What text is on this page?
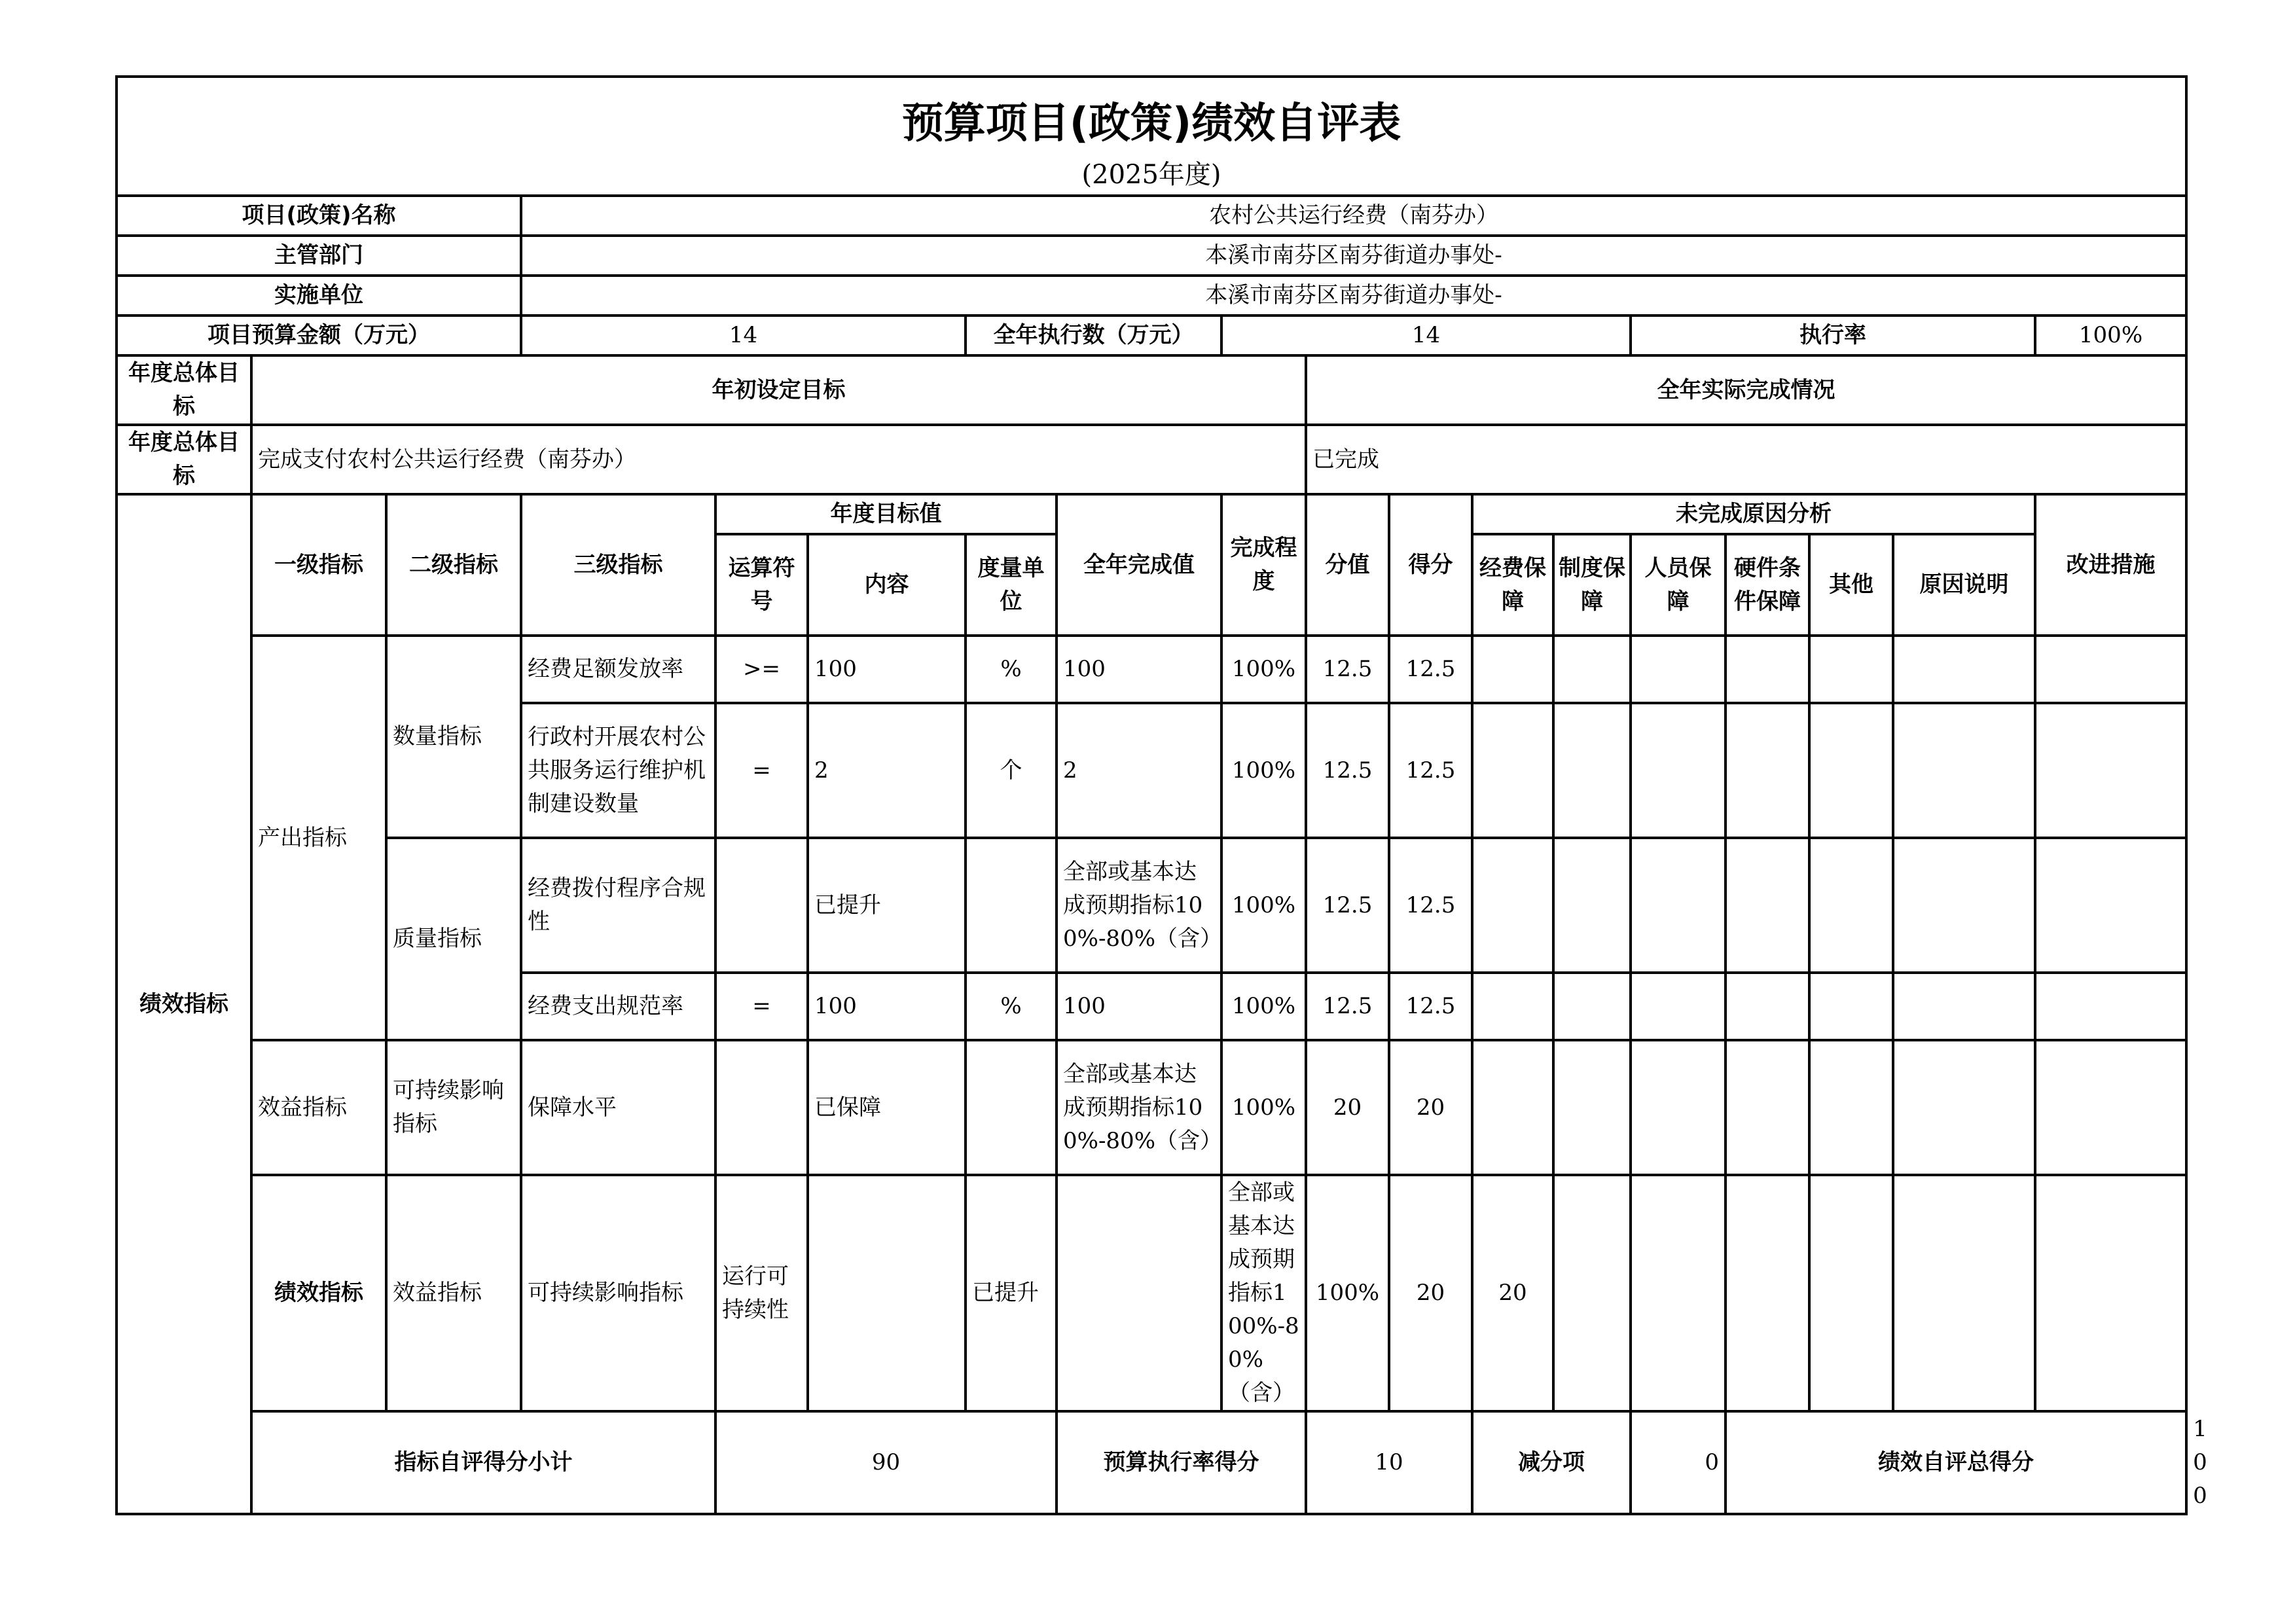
预算项目(政策)绩效自评表																		

(2025年度)																		

项目(政策)名称			农村公共运行经费（南芬办）															
主管部门			本溪市南芬区南芬街道办事处-															
实施单位			本溪市南芬区南芬街道办事处-															
项目预算金额（万元）			14			全年执行数（万元）		14					执行率				100%	
年度总体目标	年初设定目标								全年实际完成情况									
年度总体目标	完成支付农村公共运行经费（南芬办）								已完成									
绩效指标	一级指标	二级指标	三级指标	年度目标值			全年完成值	完成程度	分值	得分	未完成原因分析						改进措施	
				运算符号	内容	度量单位					经费保障	制度保障	人员保障	硬件条件保障	其他	原因说明		
	产出指标	数量指标	经费足额发放率	>=	100	%	100	100%	12.5	12.5								
			行政村开展农村公共服务运行维护机制建设数量	=	2	个	2	100%	12.5	12.5								
		质量指标	经费拨付程序合规性		已提升		全部或基本达成预期指标100%-80%（含）	100%	12.5	12.5								
			经费支出规范率	=	100	%	100	100%	12.5	12.5								
	效益指标	可持续影响指标	保障水平		已保障		全部或基本达成预期指标100%-80%（含）	100%	20	20								
	绩效指标	效益指标	可持续影响指标	运行可持续性		已提升		全部或基本达成预期指标100%-80%（含）	100%	20	20							
	指标自评得分小计			90			预算执行率得分		10		减分项		0	绩效自评总得分				100
